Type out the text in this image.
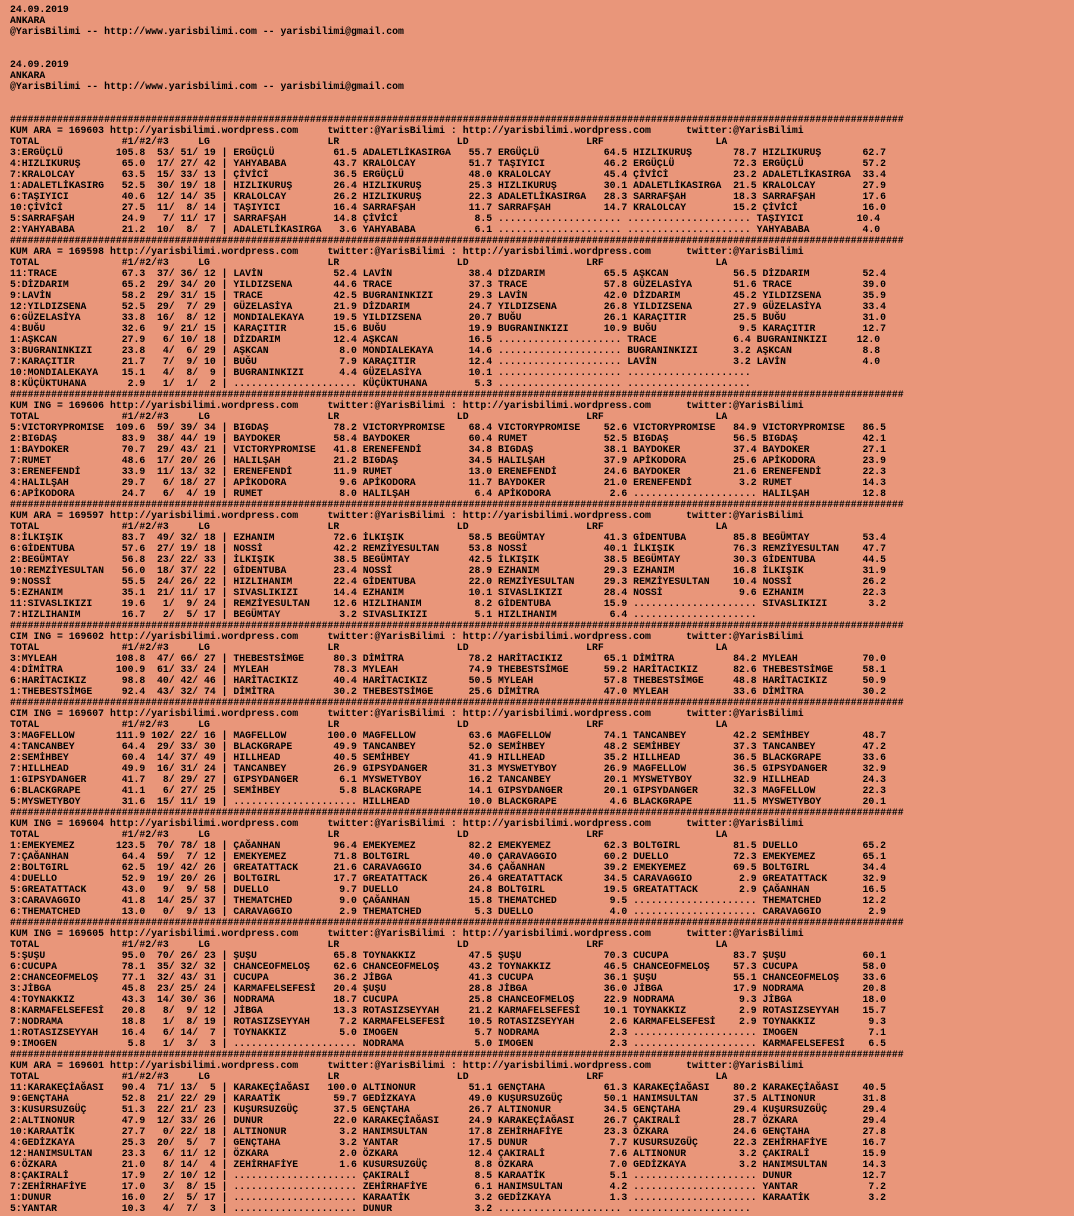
24.09.2019
ANKARA
@YarisBilimi -- http://www.yarisbilimi.com -- yarisbilimi@gmail.com
24.09.2019
ANKARA
@YarisBilimi -- http://www.yarisbilimi.com -- yarisbilimi@gmail.com
########################################################################################################################################################
KUM ARA = 169603 http://yarisbilimi.wordpress.com     twitter:@YarisBilimi : http://yarisbilimi.wordpress.com      twitter:@YarisBilimi
TOTAL              #1/#2/#3     LG                    LR                    LD                    LRF                   LA
3:ERGÜÇLÜ         105.8  53/ 51/ 19 | ERGÜÇLÜ          61.5 ADALETLİKASIRGA   55.7 ERGÜÇLÜ           64.5 HIZLIKURUŞ       78.7 HIZLIKURUŞ       62.7
4:HIZLIKURUŞ       65.0  17/ 27/ 42 | YAHYABABA        43.7 KRALOLCAY         51.7 TAŞIYICI          46.2 ERGÜÇLÜ          72.3 ERGÜÇLÜ          57.2
7:KRALOLCAY        63.5  15/ 33/ 13 | ÇİVİCİ           36.5 ERGÜÇLÜ           48.0 KRALOLCAY         45.4 ÇİVİCİ           23.2 ADALETLİKASIRGA  33.4
1:ADALETLİKASIRG   52.5  30/ 19/ 18 | HIZLIKURUŞ       26.4 HIZLIKURUŞ        25.3 HIZLIKURUŞ        30.1 ADALETLİKASIRGA  21.5 KRALOLCAY        27.9
6:TAŞIYICI         40.6  12/ 14/ 35 | KRALOLCAY        26.2 HIZLIKURUŞ        22.3 ADALETLİKASIRGA   28.3 SARRAFŞAH        18.3 SARRAFŞAH        17.6
10:ÇİVİCİ          27.5  11/  8/ 14 | TAŞIYICI         16.4 SARRAFŞAH         11.7 SARRAFŞAH         14.7 KRALOLCAY        15.2 ÇİVİCİ           16.0
5:SARRAFŞAH        24.9   7/ 11/ 17 | SARRAFŞAH        14.8 ÇİVİCİ             8.5 ..................... ..................... TAŞIYICI         10.4
2:YAHYABABA        21.2  10/  8/  7 | ADALETLİKASIRGA   3.6 YAHYABABA          6.1 ..................... ..................... YAHYABABA         4.0
########################################################################################################################################################
KUM ARA = 169598 http://yarisbilimi.wordpress.com     twitter:@YarisBilimi : http://yarisbilimi.wordpress.com      twitter:@YarisBilimi
TOTAL              #1/#2/#3     LG                    LR                    LD                    LRF                   LA
11:TRACE           67.3  37/ 36/ 12 | LAVİN            52.4 LAVİN             38.4 DİZDARIM          65.5 AŞKCAN           56.5 DİZDARIM         52.4
5:DİZDARIM         65.2  29/ 34/ 20 | YILDIZSENA       44.6 TRACE             37.3 TRACE             57.8 GÜZELASİYA       51.6 TRACE            39.0
9:LAVİN            58.2  29/ 31/ 15 | TRACE            42.5 BUGRANINKIZI      29.3 LAVİN             42.0 DİZDARIM         45.2 YILDIZSENA       35.9
12:YILDIZSENA      52.5  29/  7/ 29 | GÜZELASİYA       21.9 DİZDARIM          24.7 YILDIZSENA        26.8 YILDIZSENA       27.9 GÜZELASİYA       33.4
6:GÜZELASİYA       33.8  16/  8/ 12 | MONDIALEKAYA     19.5 YILDIZSENA        20.7 BUĞU              26.1 KARAÇITIR        25.5 BUĞU             31.0
4:BUĞU             32.6   9/ 21/ 15 | KARAÇITIR        15.6 BUĞU              19.9 BUGRANINKIZI      10.9 BUĞU              9.5 KARAÇITIR        12.7
1:AŞKCAN           27.9   6/ 10/ 18 | DİZDARIM         12.4 AŞKCAN            16.5 ..................... TRACE             6.4 BUGRANINKIZI     12.0
3:BUGRANINKIZI     23.8   4/  6/ 29 | AŞKCAN            8.0 MONDIALEKAYA      14.6 ..................... BUGRANINKIZI      3.2 AŞKCAN            8.8
7:KARAÇITIR        21.7   7/  9/ 10 | BUĞU              7.9 KARAÇITIR         12.4 ..................... LAVİN             3.2 LAVİN             4.0
10:MONDIALEKAYA    15.1   4/  8/  9 | BUGRANINKIZI      4.4 GÜZELASİYA        10.1 ..................... .....................
8:KÜÇÜKTUHANA       2.9   1/  1/  2 | ..................... KÜÇÜKTUHANA        5.3 ..................... .....................
########################################################################################################################################################
KUM ING = 169606 http://yarisbilimi.wordpress.com     twitter:@YarisBilimi : http://yarisbilimi.wordpress.com      twitter:@YarisBilimi
TOTAL              #1/#2/#3     LG                    LR                    LD                    LRF                   LA
5:VICTORYPROMISE  109.6  59/ 39/ 34 | BIGDAŞ           78.2 VICTORYPROMISE    68.4 VICTORYPROMISE    52.6 VICTORYPROMISE   84.9 VICTORYPROMISE   86.5
2:BIGDAŞ           83.9  38/ 44/ 19 | BAYDOKER         58.4 BAYDOKER          60.4 RUMET             52.5 BIGDAŞ           56.5 BIGDAŞ           42.1
1:BAYDOKER         70.7  29/ 43/ 21 | VICTORYPROMISE   41.8 ERENEFENDİ        34.8 BIGDAŞ            38.1 BAYDOKER         37.4 BAYDOKER         27.1
7:RUMET            48.6  17/ 20/ 26 | HALILŞAH         21.2 BIGDAŞ            34.5 HALILŞAH          37.9 APİKODORA        25.6 APİKODORA        23.9
3:ERENEFENDİ       33.9  11/ 13/ 32 | ERENEFENDİ       11.9 RUMET             13.0 ERENEFENDİ        24.6 BAYDOKER         21.6 ERENEFENDİ       22.3
4:HALILŞAH         29.7   6/ 18/ 27 | APİKODORA         9.6 APİKODORA         11.7 BAYDOKER          21.0 ERENEFENDİ        3.2 RUMET            14.3
6:APİKODORA        24.7   6/  4/ 19 | RUMET             8.0 HALILŞAH           6.4 APİKODORA          2.6 ..................... HALILŞAH         12.8
########################################################################################################################################################
KUM ARA = 169597 http://yarisbilimi.wordpress.com     twitter:@YarisBilimi : http://yarisbilimi.wordpress.com      twitter:@YarisBilimi
TOTAL              #1/#2/#3     LG                    LR                    LD                    LRF                   LA
8:İLKIŞIK          83.7  49/ 32/ 18 | EZHANIM          72.6 İLKIŞIK           58.5 BEGÜMTAY          41.3 GİDENTUBA        85.8 BEGÜMTAY         53.4
6:GİDENTUBA        57.6  27/ 19/ 18 | NOSSİ            42.2 REMZİYESULTAN     53.8 NOSSİ             40.1 İLKIŞIK          76.3 REMZİYESULTAN    47.7
2:BEGÜMTAY         56.8  23/ 22/ 33 | İLKIŞIK          38.5 BEGÜMTAY          42.5 İLKIŞIK           38.5 BEGÜMTAY         30.3 GİDENTUBA        44.5
10:REMZİYESULTAN   56.0  18/ 37/ 22 | GİDENTUBA        23.4 NOSSİ             28.9 EZHANIM           29.3 EZHANIM          16.8 İLKIŞIK          31.9
9:NOSSİ            55.5  24/ 26/ 22 | HIZLIHANIM       22.4 GİDENTUBA         22.0 REMZİYESULTAN     29.3 REMZİYESULTAN    10.4 NOSSİ            26.2
5:EZHANIM          35.1  21/ 11/ 17 | SIVASLIKIZI      14.4 EZHANIM           10.1 SIVASLIKIZI       28.4 NOSSİ             9.6 EZHANIM          22.3
11:SIVASLIKIZI     19.6   1/  9/ 24 | REMZİYESULTAN    12.6 HIZLIHANIM         8.2 GİDENTUBA         15.9 ..................... SIVASLIKIZI       3.2
7:HIZLIHANIM       16.7   2/  5/ 17 | BEGÜMTAY          3.2 SIVASLIKIZI        5.1 HIZLIHANIM         6.4 .....................
########################################################################################################################################################
CIM ING = 169602 http://yarisbilimi.wordpress.com     twitter:@YarisBilimi : http://yarisbilimi.wordpress.com      twitter:@YarisBilimi
TOTAL              #1/#2/#3     LG                    LR                    LD                    LRF                   LA
3:MYLEAH          108.8  47/ 66/ 27 | THEBESTSİMGE     80.3 DİMİTRA           78.2 HARİTACIKIZ       65.1 DİMİTRA          84.2 MYLEAH           70.0
4:DİMİTRA         100.9  61/ 33/ 24 | MYLEAH           78.3 MYLEAH            74.9 THEBESTSİMGE      59.2 HARİTACIKIZ      82.6 THEBESTSİMGE     58.1
6:HARİTACIKIZ      98.8  40/ 42/ 46 | HARİTACIKIZ      40.4 HARİTACIKIZ       50.5 MYLEAH            57.8 THEBESTSİMGE     48.8 HARİTACIKIZ      50.9
1:THEBESTSİMGE     92.4  43/ 32/ 74 | DİMİTRA          30.2 THEBESTSİMGE      25.6 DİMİTRA           47.0 MYLEAH           33.6 DİMİTRA          30.2
########################################################################################################################################################
CIM ING = 169607 http://yarisbilimi.wordpress.com     twitter:@YarisBilimi : http://yarisbilimi.wordpress.com      twitter:@YarisBilimi
TOTAL              #1/#2/#3     LG                    LR                    LD                    LRF                   LA
3:MAGFELLOW       111.9 102/ 22/ 16 | MAGFELLOW       100.0 MAGFELLOW         63.6 MAGFELLOW         74.1 TANCANBEY        42.2 SEMİHBEY         48.7
4:TANCANBEY        64.4  29/ 33/ 30 | BLACKGRAPE       49.9 TANCANBEY         52.0 SEMİHBEY          48.2 SEMİHBEY         37.3 TANCANBEY        47.2
2:SEMİHBEY         60.4  14/ 37/ 49 | HILLHEAD         40.5 SEMİHBEY          41.9 HILLHEAD          35.2 HILLHEAD         36.5 BLACKGRAPE       33.6
7:HILLHEAD         49.9  16/ 31/ 24 | TANCANBEY        26.9 GIPSYDANGER       31.3 MYSWETYBOY        26.9 MAGFELLOW        36.5 GIPSYDANGER      32.9
1:GIPSYDANGER      41.7   8/ 29/ 27 | GIPSYDANGER       6.1 MYSWETYBOY        16.2 TANCANBEY         20.1 MYSWETYBOY       32.9 HILLHEAD         24.3
6:BLACKGRAPE       41.1   6/ 27/ 25 | SEMİHBEY          5.8 BLACKGRAPE        14.1 GIPSYDANGER       20.1 GIPSYDANGER      32.3 MAGFELLOW        22.3
5:MYSWETYBOY       31.6  15/ 11/ 19 | ..................... HILLHEAD          10.0 BLACKGRAPE         4.6 BLACKGRAPE       11.5 MYSWETYBOY       20.1
########################################################################################################################################################
KUM ING = 169604 http://yarisbilimi.wordpress.com     twitter:@YarisBilimi : http://yarisbilimi.wordpress.com      twitter:@YarisBilimi
TOTAL              #1/#2/#3     LG                    LR                    LD                    LRF                   LA
1:EMEKYEMEZ       123.5  70/ 78/ 18 | ÇAĞANHAN         96.4 EMEKYEMEZ         82.2 EMEKYEMEZ         62.3 BOLTGIRL         81.5 DUELLO           65.2
7:ÇAĞANHAN         64.4  59/  7/ 12 | EMEKYEMEZ        71.8 BOLTGIRL          40.0 ÇARAVAGGIO        60.2 DUELLO           72.3 EMEKYEMEZ        65.1
2:BOLTGIRL         62.5  19/ 42/ 26 | GREATATTACK      21.6 CARAVAGGIO        34.6 ÇAĞANHAN          39.2 EMEKYEMEZ        69.5 BOLTGIRL         34.4
4:DUELLO           52.9  19/ 20/ 26 | BOLTGIRL         17.7 GREATATTACK       26.4 GREATATTACK       34.5 CARAVAGGIO        2.9 GREATATTACK      32.9
5:GREATATTACK      43.0   9/  9/ 58 | DUELLO            9.7 DUELLO            24.8 BOLTGIRL          19.5 GREATATTACK       2.9 ÇAĞANHAN         16.5
3:CARAVAGGIO       41.8  14/ 25/ 37 | THEMATCHED        9.0 ÇAĞANHAN          15.8 THEMATCHED         9.5 ..................... THEMATCHED       12.2
6:THEMATCHED       13.0   0/  9/ 13 | CARAVAGGIO        2.9 THEMATCHED         5.3 DUELLO             4.0 ..................... CARAVAGGIO        2.9
########################################################################################################################################################
KUM ING = 169605 http://yarisbilimi.wordpress.com     twitter:@YarisBilimi : http://yarisbilimi.wordpress.com      twitter:@YarisBilimi
TOTAL              #1/#2/#3     LG                    LR                    LD                    LRF                   LA
5:ŞUŞU             95.0  70/ 26/ 23 | ŞUŞU             65.8 TOYNAKKIZ         47.5 ŞUŞU              70.3 CUCUPA           83.7 ŞUŞU             60.1
6:CUCUPA           78.1  35/ 32/ 32 | CHANCEOFMELOŞ    62.6 CHANCEOFMELOŞ     43.2 TOYNAKKIZ         46.5 CHANCEOFMELOŞ    57.3 CUCUPA           58.0
2:CHANCEOFMELOŞ    77.1  32/ 43/ 31 | CUCUPA           36.2 JİBGA             41.3 CUCUPA            36.1 ŞUŞU             55.1 CHANCEOFMELOŞ    33.6
3:JİBGA            45.8  23/ 25/ 24 | KARMAFELSEFESİ   20.4 ŞUŞU              28.8 JİBGA             36.0 JİBGA            17.9 NODRAMA          20.8
4:TOYNAKKIZ        43.3  14/ 30/ 36 | NODRAMA          18.7 CUCUPA            25.8 CHANCEOFMELOŞ     22.9 NODRAMA           9.3 JİBGA            18.0
8:KARMAFELSEFESİ   20.8   8/  9/ 12 | JİBGA            13.3 ROTASIZSEYYAH     21.2 KARMAFELSEFESİ    10.1 TOYNAKKIZ         2.9 ROTASIZSEYYAH    15.7
7:NODRAMA          18.8   1/  8/ 19 | ROTASIZSEYYAH     7.2 KARMAFELSEFESİ    10.5 ROTASIZSEYYAH      2.6 KARMAFELSEFESİ    2.9 TOYNAKKIZ         9.3
1:ROTASIZSEYYAH    16.4   6/ 14/  7 | TOYNAKKIZ         5.0 IMOGEN             5.7 NODRAMA            2.3 ..................... IMOGEN            7.1
9:IMOGEN            5.8   1/  3/  3 | ..................... NODRAMA            5.0 IMOGEN             2.3 ..................... KARMAFELSEFESİ    6.5
########################################################################################################################################################
KUM ARA = 169601 http://yarisbilimi.wordpress.com     twitter:@YarisBilimi : http://yarisbilimi.wordpress.com      twitter:@YarisBilimi
TOTAL              #1/#2/#3     LG                    LR                    LD                    LRF                   LA
11:KARAKEÇİAĞASI   90.4  71/ 13/  5 | KARAKEÇİAĞASI   100.0 ALTINONUR         51.1 GENÇTAHA          61.3 KARAKEÇİAĞASI    80.2 KARAKEÇİAĞASI    40.5
9:GENÇTAHA         52.8  21/ 22/ 29 | KARAATİK         59.7 GEDİZKAYA         49.0 KUŞURSUZGÜÇ       50.1 HANIMSULTAN      37.5 ALTINONUR        31.8
3:KUSURSUZGÜÇ      51.3  22/ 21/ 23 | KUŞURSUZGÜÇ      37.5 GENÇTAHA          26.7 ALTINONUR         34.5 GENÇTAHA         29.4 KUŞURSUZGÜÇ      29.4
2:ALTINONUR        47.9  12/ 33/ 26 | DUNUR            22.0 KARAKEÇİAĞASI     24.9 KARAKEÇİAĞASI     26.7 ÇAKIRALİ         28.7 ÖZKARA           29.4
10:KARAATİK        27.7   0/ 22/ 18 | ALTINONUR         3.2 HANIMSULTAN       17.8 ZEHİRHAFİYE       23.3 ÖZKARA           24.6 GENÇTAHA         27.8
4:GEDİZKAYA        25.3  20/  5/  7 | GENÇTAHA          3.2 YANTAR            17.5 DUNUR              7.7 KUSURSUZGÜÇ      22.3 ZEHİRHAFİYE      16.7
12:HANIMSULTAN     23.3   6/ 11/ 12 | ÖZKARA            2.0 ÖZKARA            12.4 ÇAKIRALİ           7.6 ALTINONUR         3.2 ÇAKIRALİ         15.9
6:ÖZKARA           21.0   8/ 14/  4 | ZEHİRHAFİYE       1.6 KUSURSUZGÜÇ        8.8 ÖZKARA             7.0 GEDİZKAYA         3.2 HANIMSULTAN      14.3
8:ÇAKIRALİ         17.9   2/ 10/ 12 | ..................... ÇAKIRALİ           8.5 KARAATİK           5.1 ..................... DUNUR            12.7
7:ZEHİRHAFİYE      17.0   3/  8/ 15 | ..................... ZEHİRHAFİYE        6.1 HANIMSULTAN        4.2 ..................... YANTAR            7.2
1:DUNUR            16.0   2/  5/ 17 | ..................... KARAATİK           3.2 GEDİZKAYA          1.3 ..................... KARAATİK          3.2
5:YANTAR           10.3   4/  7/  3 | ..................... DUNUR              3.2 ..................... .....................
